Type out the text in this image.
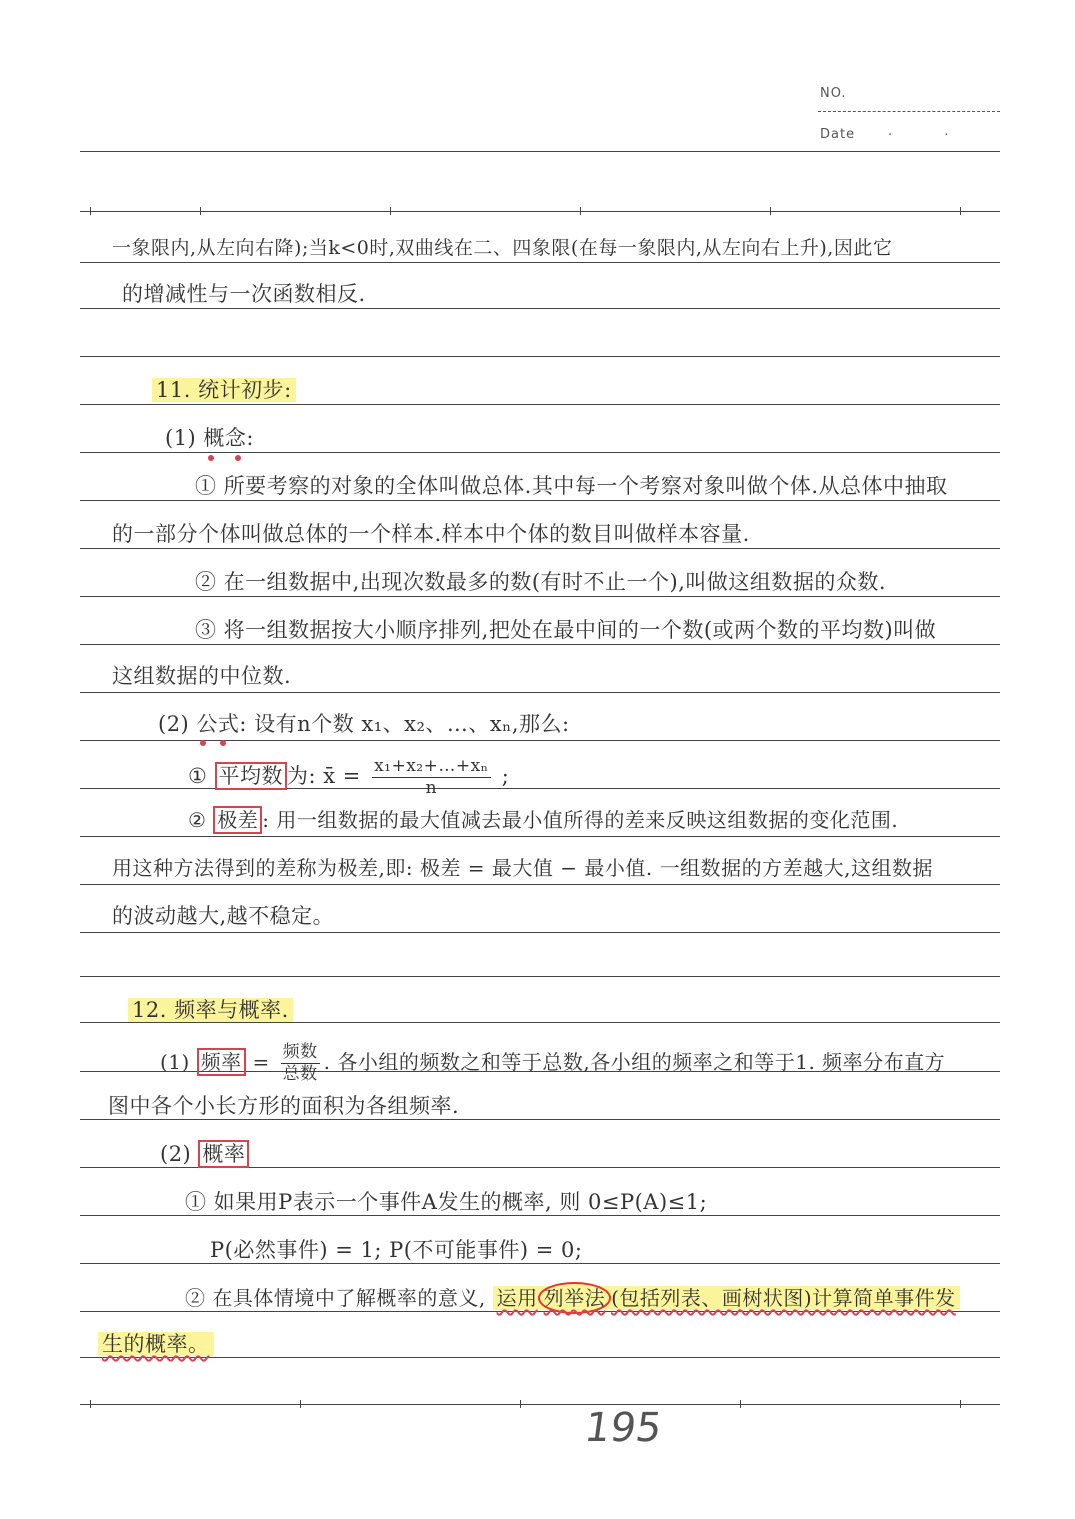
NO.
Date	. .
一象限内,从左向右降);当k<0时,双曲线在二、四象限(在每一象限内,从左向右上升),因此它
的增减性与一次函数相反.
11. 统计初步:
(1) 概念:
① 所要考察的对象的全体叫做总体.其中每一个考察对象叫做个体.从总体中抽取
的一部分个体叫做总体的一个样本.样本中个体的数目叫做样本容量.
② 在一组数据中,出现次数最多的数(有时不止一个),叫做这组数据的众数.
③ 将一组数据按大小顺序排列,把处在最中间的一个数(或两个数的平均数)叫做
这组数据的中位数.
(2) 公式: 设有n个数 x₁、x₂、…、xₙ,那么:
① 平均数 为: x̄ = $\frac{\text{x₁+x₂+…+xₙ}}{n}$ ;
② 极差 : 用一组数据的最大值减去最小值所得的差来反映这组数据的变化范围.
用这种方法得到的差称为极差,即: 极差 = 最大值 − 最小值. 一组数据的方差越大,这组数据
的波动越大,越不稳定。
12. 频率与概率.
(1) 频率 = $\frac{\text{频数}}{\text{总数}}$ . 各小组的频数之和等于总数,各小组的频率之和等于1. 频率分布直方
图中各个小长方形的面积为各组频率.
(2) 概率
① 如果用P表示一个事件A发生的概率, 则 0≤P(A)≤1;
P(必然事件) = 1; P(不可能事件) = 0;
② 在具体情境中了解概率的意义, 运用 列举法 (包括列表、画树状图)计算简单事件发
生的概率。
195
